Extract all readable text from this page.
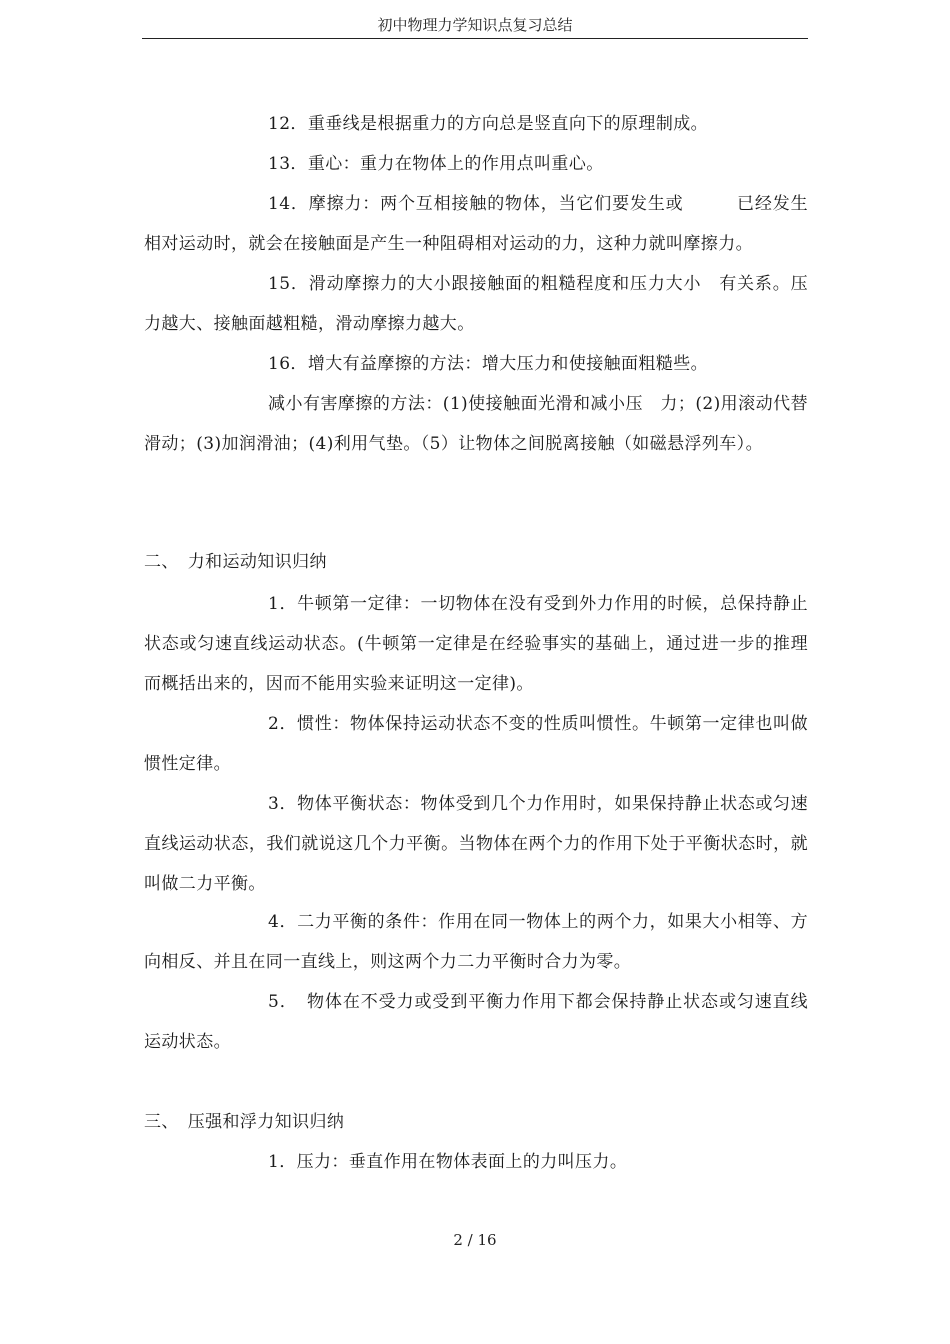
初中物理力学知识点复习总结

12．重垂线是根据重力的方向总是竖直向下的原理制成。

13．重心：重力在物体上的作用点叫重心。

14．摩擦力：两个互相接触的物体，当它们要发生或　　　已经发生相对运动时，就会在接触面是产生一种阻碍相对运动的力，这种力就叫摩擦力。

15．滑动摩擦力的大小跟接触面的粗糙程度和压力大小　有关系。压力越大、接触面越粗糙，滑动摩擦力越大。

16．增大有益摩擦的方法：增大压力和使接触面粗糙些。

减小有害摩擦的方法：(1)使接触面光滑和减小压　力；(2)用滚动代替滑动；(3)加润滑油；(4)利用气垫。（5）让物体之间脱离接触（如磁悬浮列车）。

二、　力和运动知识归纳

1．牛顿第一定律：一切物体在没有受到外力作用的时候，总保持静止状态或匀速直线运动状态。(牛顿第一定律是在经验事实的基础上，通过进一步的推理而概括出来的，因而不能用实验来证明这一定律)。

2．惯性：物体保持运动状态不变的性质叫惯性。牛顿第一定律也叫做惯性定律。

3．物体平衡状态：物体受到几个力作用时，如果保持静止状态或匀速直线运动状态，我们就说这几个力平衡。当物体在两个力的作用下处于平衡状态时，就叫做二力平衡。

4．二力平衡的条件：作用在同一物体上的两个力，如果大小相等、方向相反、并且在同一直线上，则这两个力二力平衡时合力为零。

5．　物体在不受力或受到平衡力作用下都会保持静止状态或匀速直线运动状态。

三、　压强和浮力知识归纳

1．压力：垂直作用在物体表面上的力叫压力。

2 / 16
